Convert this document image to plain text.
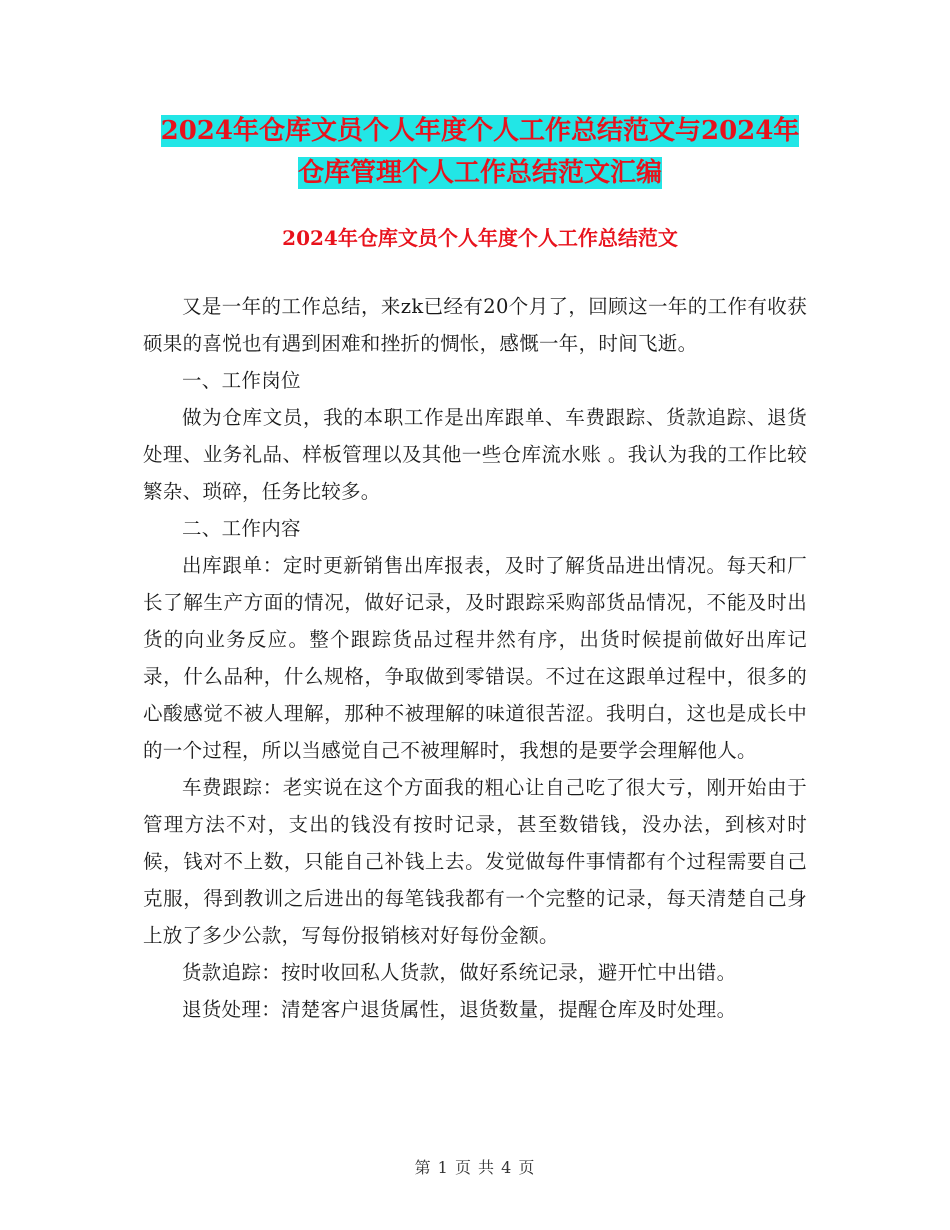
2024年仓库文员个人年度个人工作总结范文与2024年
仓库管理个人工作总结范文汇编
2024年仓库文员个人年度个人工作总结范文

又是一年的工作总结，来zk已经有20个月了，回顾这一年的工作有收获硕果的喜悦也有遇到困难和挫折的惆怅，感慨一年，时间飞逝。

一、工作岗位

做为仓库文员，我的本职工作是出库跟单、车费跟踪、货款追踪、退货处理、业务礼品、样板管理以及其他一些仓库流水账 。我认为我的工作比较繁杂、琐碎，任务比较多。

二、工作内容

出库跟单：定时更新销售出库报表，及时了解货品进出情况。每天和厂长了解生产方面的情况，做好记录，及时跟踪采购部货品情况，不能及时出货的向业务反应。整个跟踪货品过程井然有序，出货时候提前做好出库记录，什么品种，什么规格，争取做到零错误。不过在这跟单过程中，很多的心酸感觉不被人理解，那种不被理解的味道很苦涩。我明白，这也是成长中的一个过程，所以当感觉自己不被理解时，我想的是要学会理解他人。

车费跟踪：老实说在这个方面我的粗心让自己吃了很大亏，刚开始由于管理方法不对，支出的钱没有按时记录，甚至数错钱，没办法，到核对时候，钱对不上数，只能自己补钱上去。发觉做每件事情都有个过程需要自己克服，得到教训之后进出的每笔钱我都有一个完整的记录，每天清楚自己身上放了多少公款，写每份报销核对好每份金额。

货款追踪：按时收回私人货款，做好系统记录，避开忙中出错。

退货处理：清楚客户退货属性，退货数量，提醒仓库及时处理。

第 1 页 共 4 页
